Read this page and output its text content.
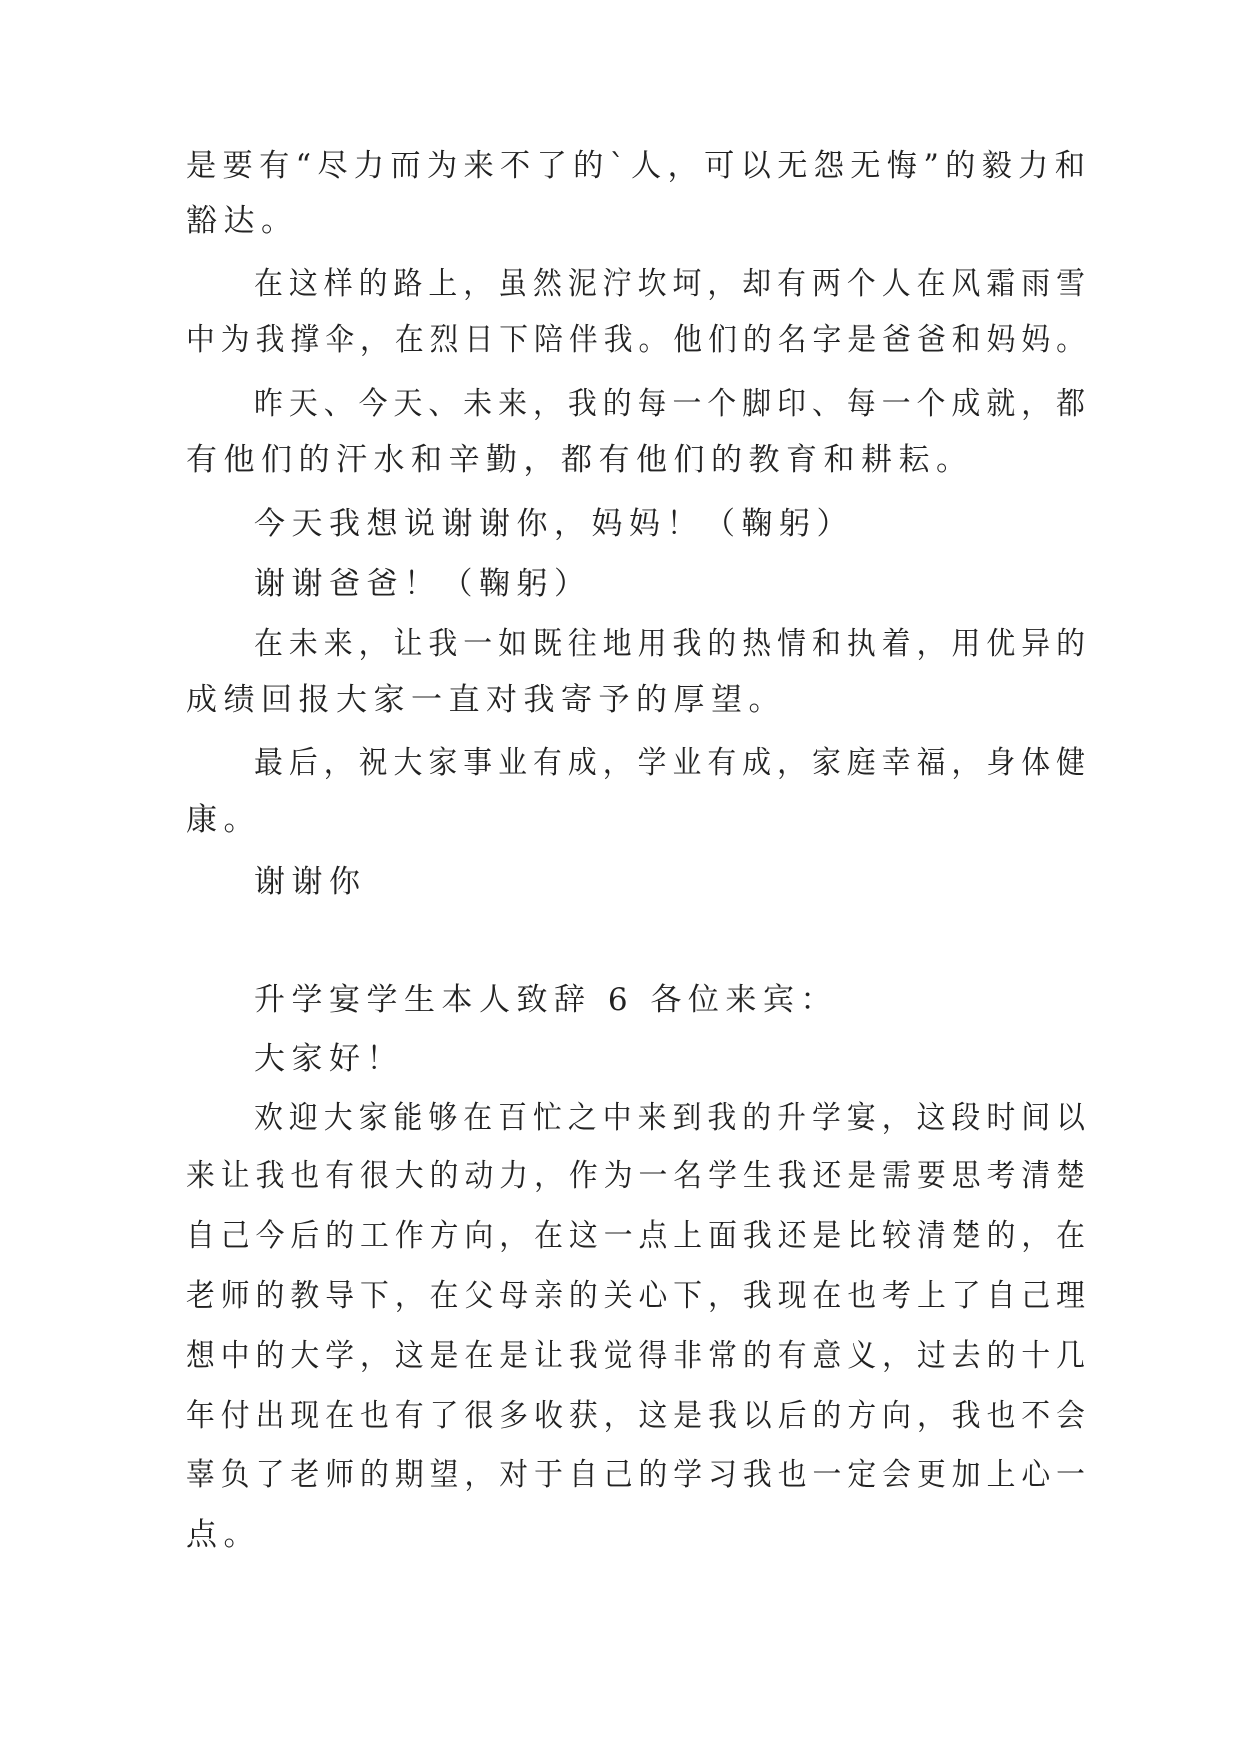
是要有“尽力而为来不了的`人，可以无怨无悔”的毅力和
豁达。
在这样的路上，虽然泥泞坎坷，却有两个人在风霜雨雪
中为我撑伞，在烈日下陪伴我。他们的名字是爸爸和妈妈。
昨天、今天、未来，我的每一个脚印、每一个成就，都
有他们的汗水和辛勤，都有他们的教育和耕耘。
今天我想说谢谢你，妈妈！（鞠躬）
谢谢爸爸！（鞠躬）
在未来，让我一如既往地用我的热情和执着，用优异的
成绩回报大家一直对我寄予的厚望。
最后，祝大家事业有成，学业有成，家庭幸福，身体健
康。
谢谢你
升学宴学生本人致辞 6 各位来宾：
大家好！
欢迎大家能够在百忙之中来到我的升学宴，这段时间以
来让我也有很大的动力，作为一名学生我还是需要思考清楚
自己今后的工作方向，在这一点上面我还是比较清楚的，在
老师的教导下，在父母亲的关心下，我现在也考上了自己理
想中的大学，这是在是让我觉得非常的有意义，过去的十几
年付出现在也有了很多收获，这是我以后的方向，我也不会
辜负了老师的期望，对于自己的学习我也一定会更加上心一
点。
